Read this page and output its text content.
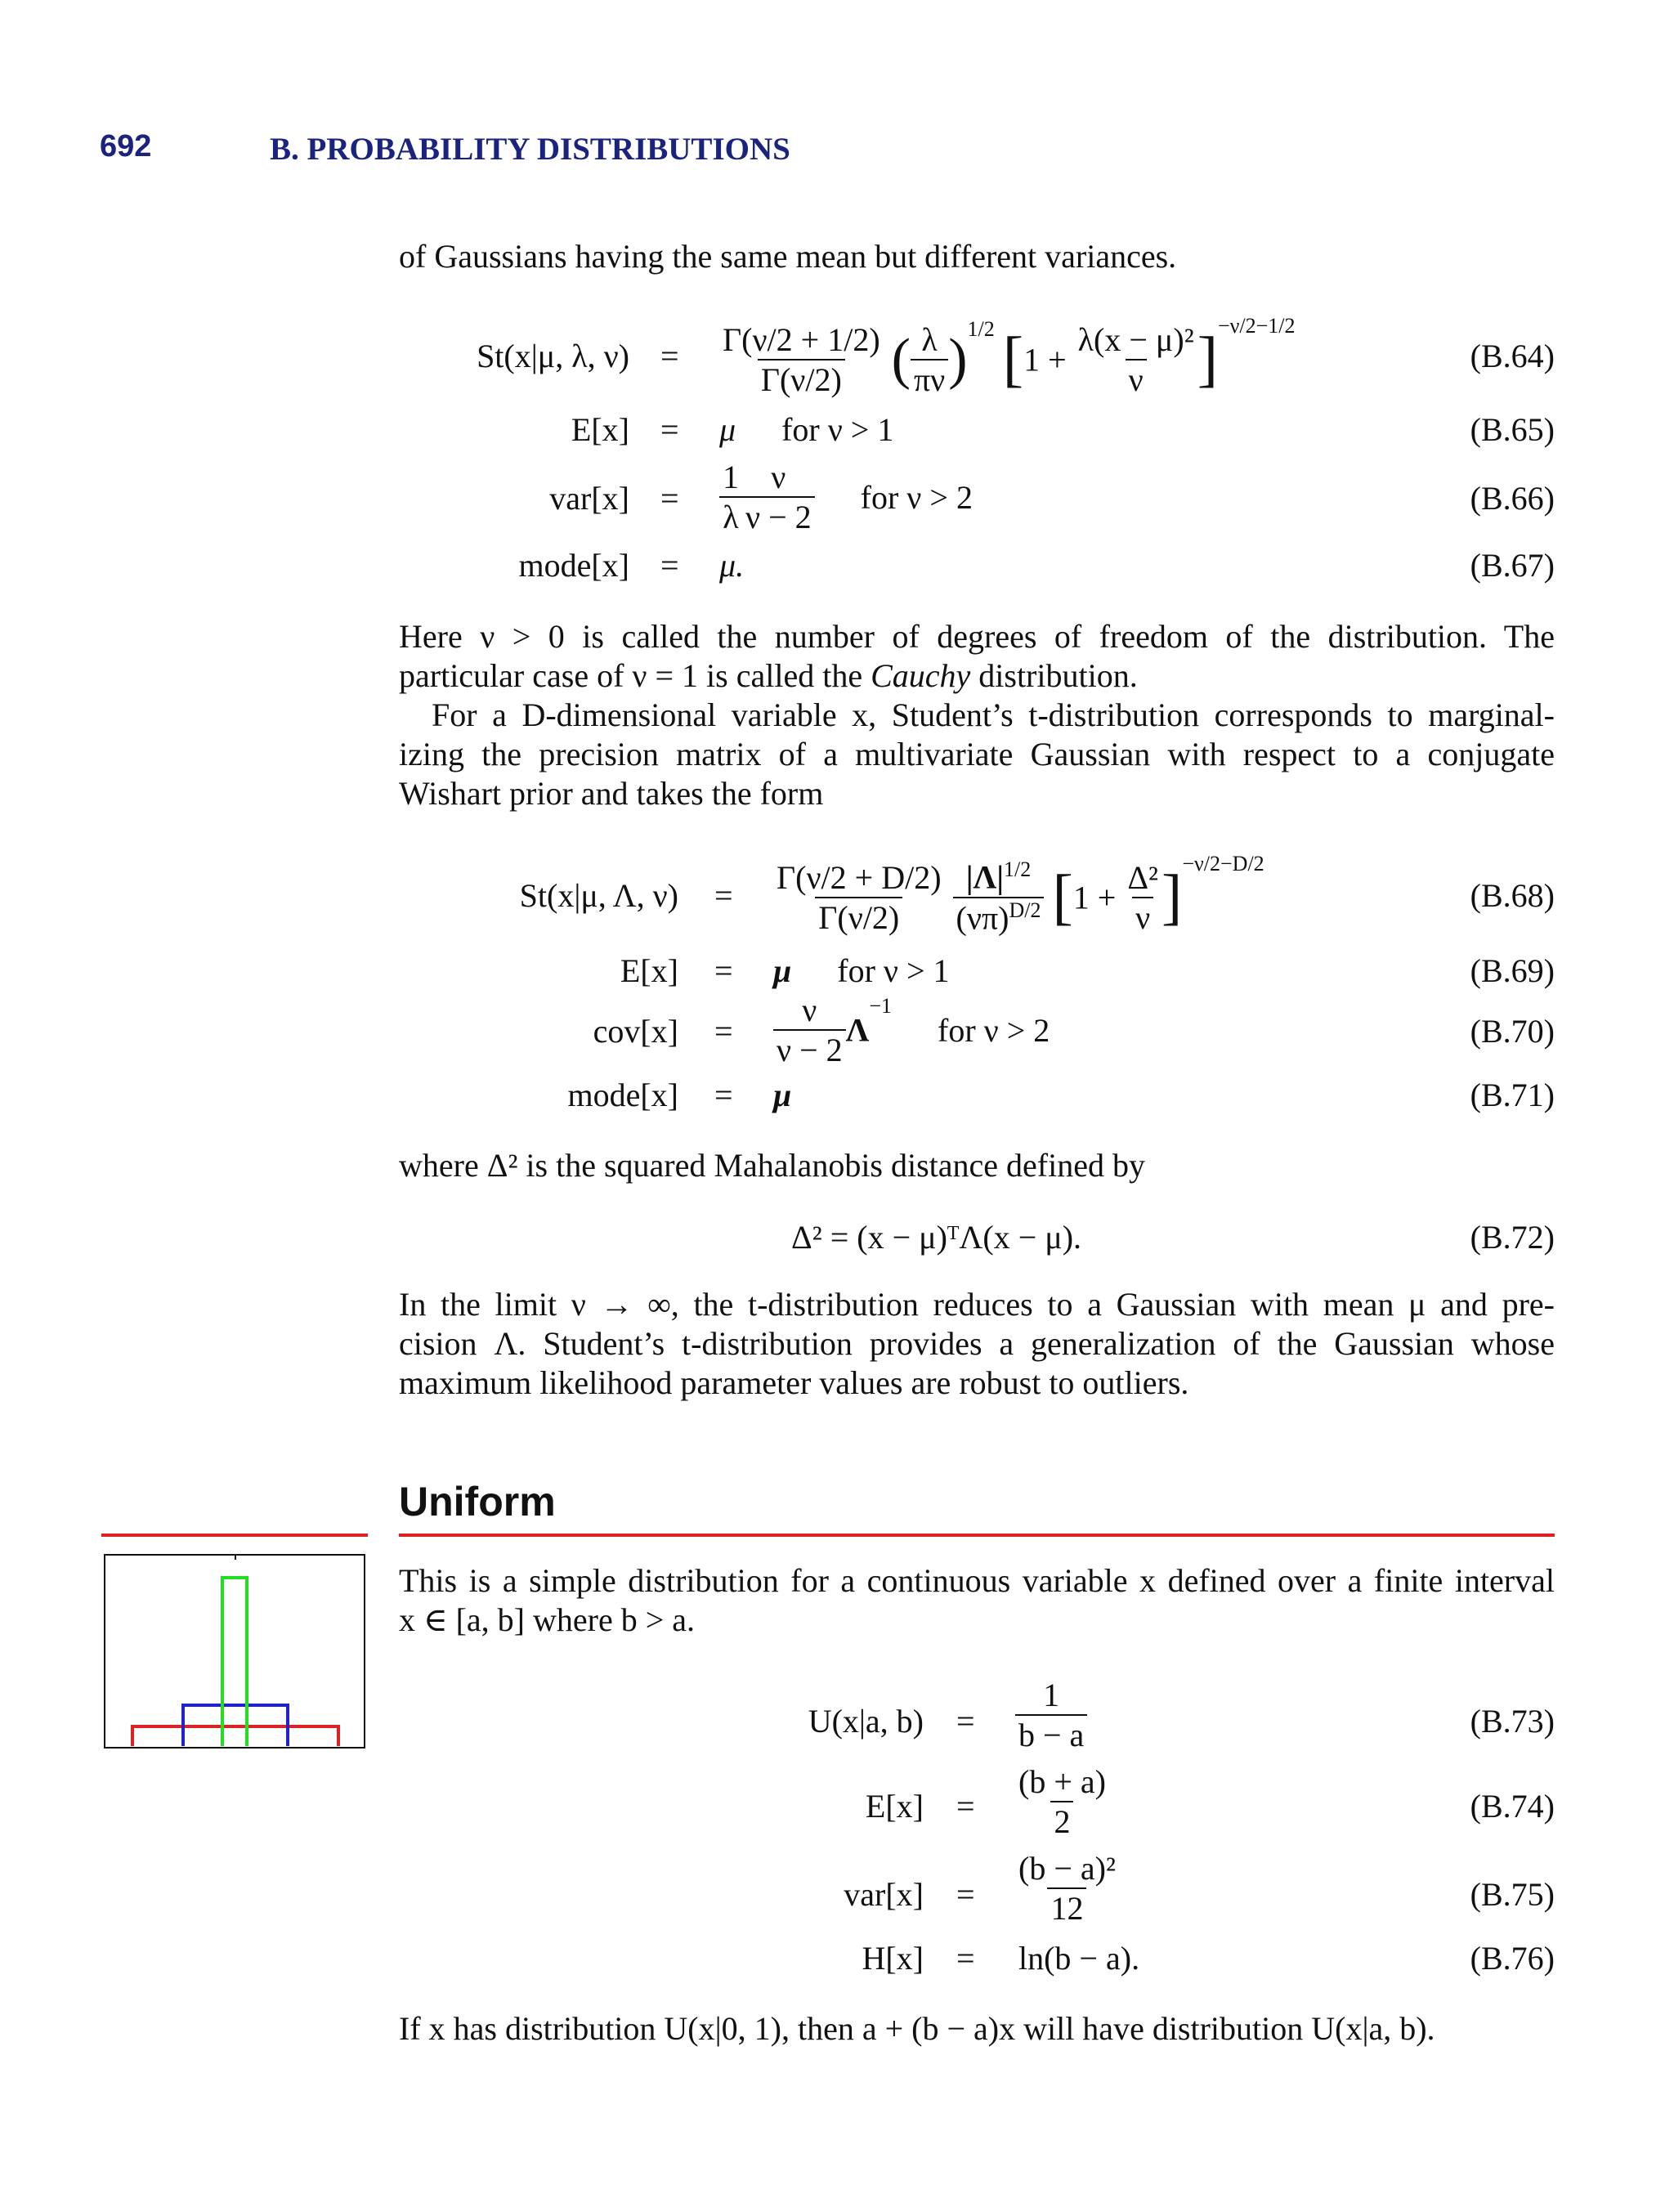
692	B. PROBABILITY DISTRIBUTIONS
of Gaussians having the same mean but different variances.
St(x|μ, λ, $\nu) = \frac{\Gamma(\nu/2 + 1/2)}{\Gamma(\nu/2)}$ ( $\frac{\lambda}{\pi\nu} )^{1/2}$ $[1 + \frac{\text{λ(x − μ)²}}{\nu} ]^{-\nu/2-1/2}$
(B.64)
E[x] = μ for ν > 1	(B.65)
$var[x] = \frac{1}{\lambda} \frac{\nu}{\nu - 2}$ for ν > 2	(B.66)
mode[x] = μ.	(B.67)
Here ν > 0 is called the number of degrees of freedom of the distribution. The
particular case of ν = 1 is called the Cauchy distribution.
For a D-dimensional variable x, Student’s t-distribution corresponds to marginal-
izing the precision matrix of a multivariate Gaussian with respect to a conjugate
Wishart prior and takes the form
St(x|μ, Λ, $\nu) = \frac{\Gamma(\nu/2 + D/2)}{\Gamma(\nu/2)}$
$\frac{|\Lambda|^{1/2}}{(\nu\pi)^{D/2}} [1 + \frac{\text{Δ²}}{\nu} ]^{-\nu/2-D/2}$
(B.68)
E[x] = μ for ν > 1	(B.69)
$cov[x] = \frac{\nu}{\nu - 2} \Lambda^{-1}for$ ν > 2	(B.70)
mode[x] = μ	(B.71)
where Δ² is the squared Mahalanobis distance defined by
Δ² = (x − μ)ᵀΛ(x − μ).	(B.72)
In the limit ν → ∞, the t-distribution reduces to a Gaussian with mean μ and pre-
cision Λ. Student’s t-distribution provides a generalization of the Gaussian whose
maximum likelihood parameter values are robust to outliers.
Uniform
This is a simple distribution for a continuous variable x defined over a finite interval
x ∈ [a, b] where b > a.
U(x|a, $b) = \frac{1}{b - a}$	(B.73)
$E[x] = \frac{(b + a)}{2}$	(B.74)
$var[x] = \frac{\text{(b − a)²}}{12}$	(B.75)
H[x] = ln(b − a).	(B.76)
If x has distribution U(x|0, 1), then a + (b − a)x will have distribution U(x|a, b).
